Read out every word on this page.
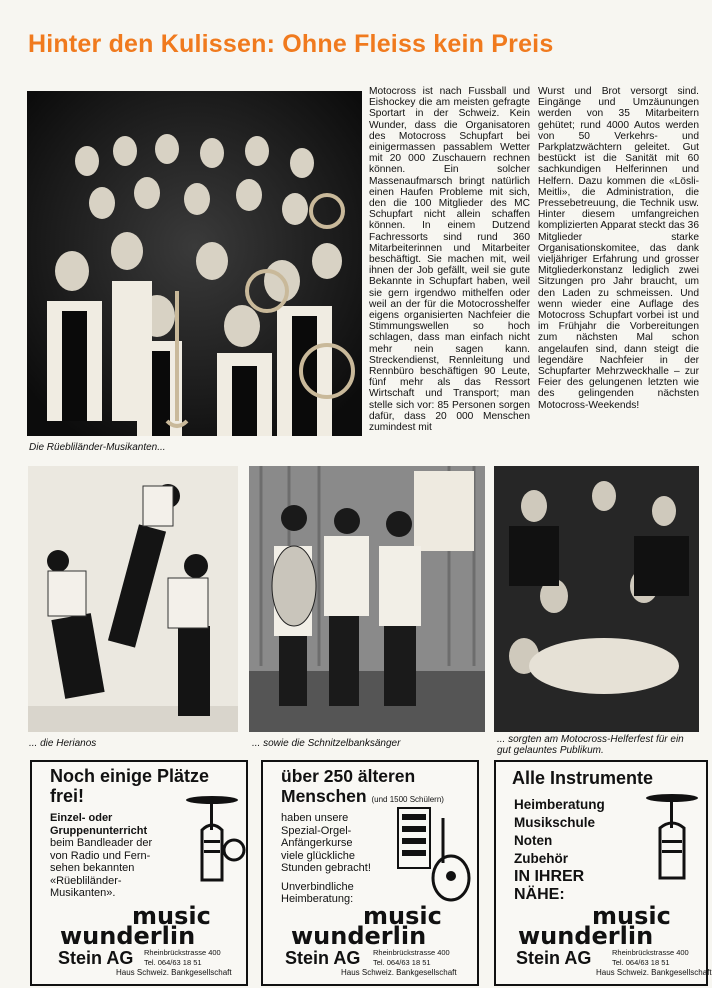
Hinter den Kulissen: Ohne Fleiss kein Preis
Die Rüebliländer-Musikanten...
Motocross ist nach Fussball und Eishockey die am meisten gefragte Sportart in der Schweiz. Kein Wunder, dass die Organisatoren des Motocross Schupfart bei einigermassen passablem Wetter mit 20 000 Zuschauern rechnen können. Ein solcher Massenaufmarsch bringt natürlich einen Haufen Probleme mit sich, den die 100 Mitglieder des MC Schupfart nicht allein schaffen können. In einem Dutzend Fachressorts sind rund 360 Mitarbeiterinnen und Mitarbeiter beschäftigt. Sie machen mit, weil ihnen der Job gefällt, weil sie gute Bekannte in Schupfart haben, weil sie gern irgendwo mithelfen oder weil an der für die Motocrosshelfer eigens organisierten Nachfeier die Stimmungswellen so hoch schlagen, dass man einfach nicht mehr nein sagen kann. Streckendienst, Rennleitung und Rennbüro beschäftigen 90 Leute, fünf mehr als das Ressort Wirtschaft und Transport; man stelle sich vor: 85 Personen sorgen dafür, dass 20 000 Menschen zumindest mit
Wurst und Brot versorgt sind. Eingänge und Umzäunungen werden von 35 Mitarbeitern gehütet; rund 4000 Autos werden von 50 Verkehrs- und Parkplatzwächtern geleitet. Gut bestückt ist die Sanität mit 60 sachkundigen Helferinnen und Helfern. Dazu kommen die «Lösli-Meitli», die Administration, die Pressebetreuung, die Technik usw. Hinter diesem umfangreichen komplizierten Apparat steckt das 36 Mitglieder starke Organisationskomitee, das dank vieljähriger Erfahrung und grosser Mitgliederkonstanz lediglich zwei Sitzungen pro Jahr braucht, um den Laden zu schmeissen. Und wenn wieder eine Auflage des Motocross Schupfart vorbei ist und im Frühjahr die Vorbereitungen zum nächsten Mal schon angelaufen sind, dann steigt die legendäre Nachfeier in der Schupfarter Mehrzweckhalle – zur Feier des gelungenen letzten wie des gelingenden nächsten Motocross-Weekends!
... die Herianos	... sowie die Schnitzelbanksänger	... sorgten am Motocross-Helferfest für ein gut gelauntes Publikum.
Noch einige Plätze frei!
Einzel- oder
Gruppenunterricht
beim Bandleader der
von Radio und Fern-
sehen bekannten
«Rüebliländer-
Musikanten».
music
wunderlin
Stein AG Rheinbrückstrasse 400
Tel. 064/63 18 51
Haus Schweiz. Bankgesellschaft
über 250 älteren Menschen (und 1500 Schülern)
haben unsere
Spezial-Orgel-
Anfängerkurse
viele glückliche
Stunden gebracht!
Unverbindliche
Heimberatung:
music
wunderlin
Stein AG Rheinbrückstrasse 400
Tel. 064/63 18 51
Haus Schweiz. Bankgesellschaft
Alle Instrumente
Heimberatung
Musikschule
Noten
Zubehör
IN IHRER
NÄHE:
music
wunderlin
Stein AG	Rheinbrückstrasse 400
Tel. 064/63 18 51
Haus Schweiz. Bankgesellschaft
